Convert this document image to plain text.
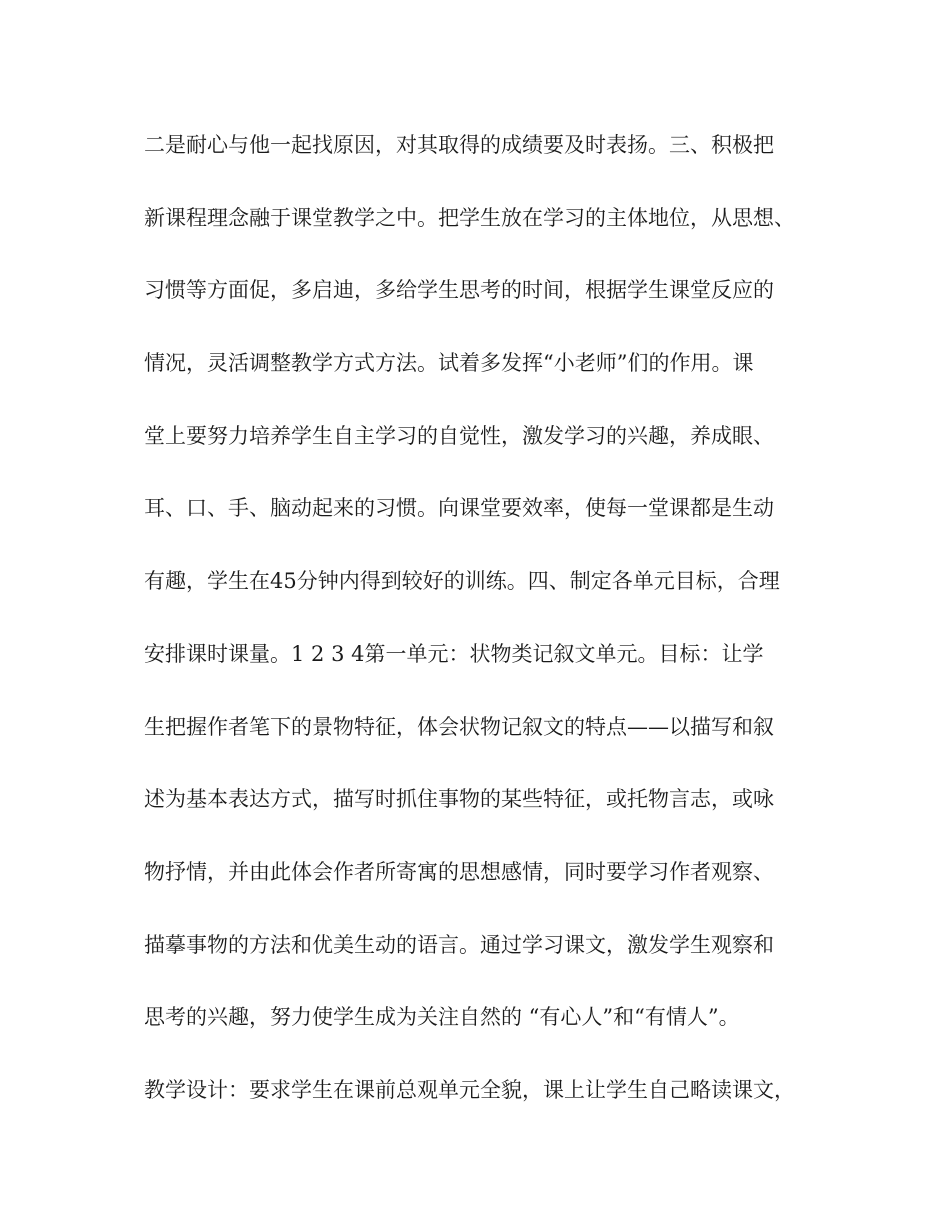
二是耐心与他一起找原因，对其取得的成绩要及时表扬。三、积极把
新课程理念融于课堂教学之中。把学生放在学习的主体地位，从思想、
习惯等方面促，多启迪，多给学生思考的时间，根据学生课堂反应的
情况，灵活调整教学方式方法。试着多发挥“小老师”们的作用。课
堂上要努力培养学生自主学习的自觉性，激发学习的兴趣，养成眼、
耳、口、手、脑动起来的习惯。向课堂要效率，使每一堂课都是生动
有趣，学生在45分钟内得到较好的训练。四、制定各单元目标，合理
安排课时课量。1 2 3 4第一单元：状物类记叙文单元。目标：让学
生把握作者笔下的景物特征，体会状物记叙文的特点——以描写和叙
述为基本表达方式，描写时抓住事物的某些特征，或托物言志，或咏
物抒情，并由此体会作者所寄寓的思想感情，同时要学习作者观察、
描摹事物的方法和优美生动的语言。通过学习课文，激发学生观察和
思考的兴趣，努力使学生成为关注自然的 “有心人”和“有情人”。
教学设计：要求学生在课前总观单元全貌，课上让学生自己略读课文，
